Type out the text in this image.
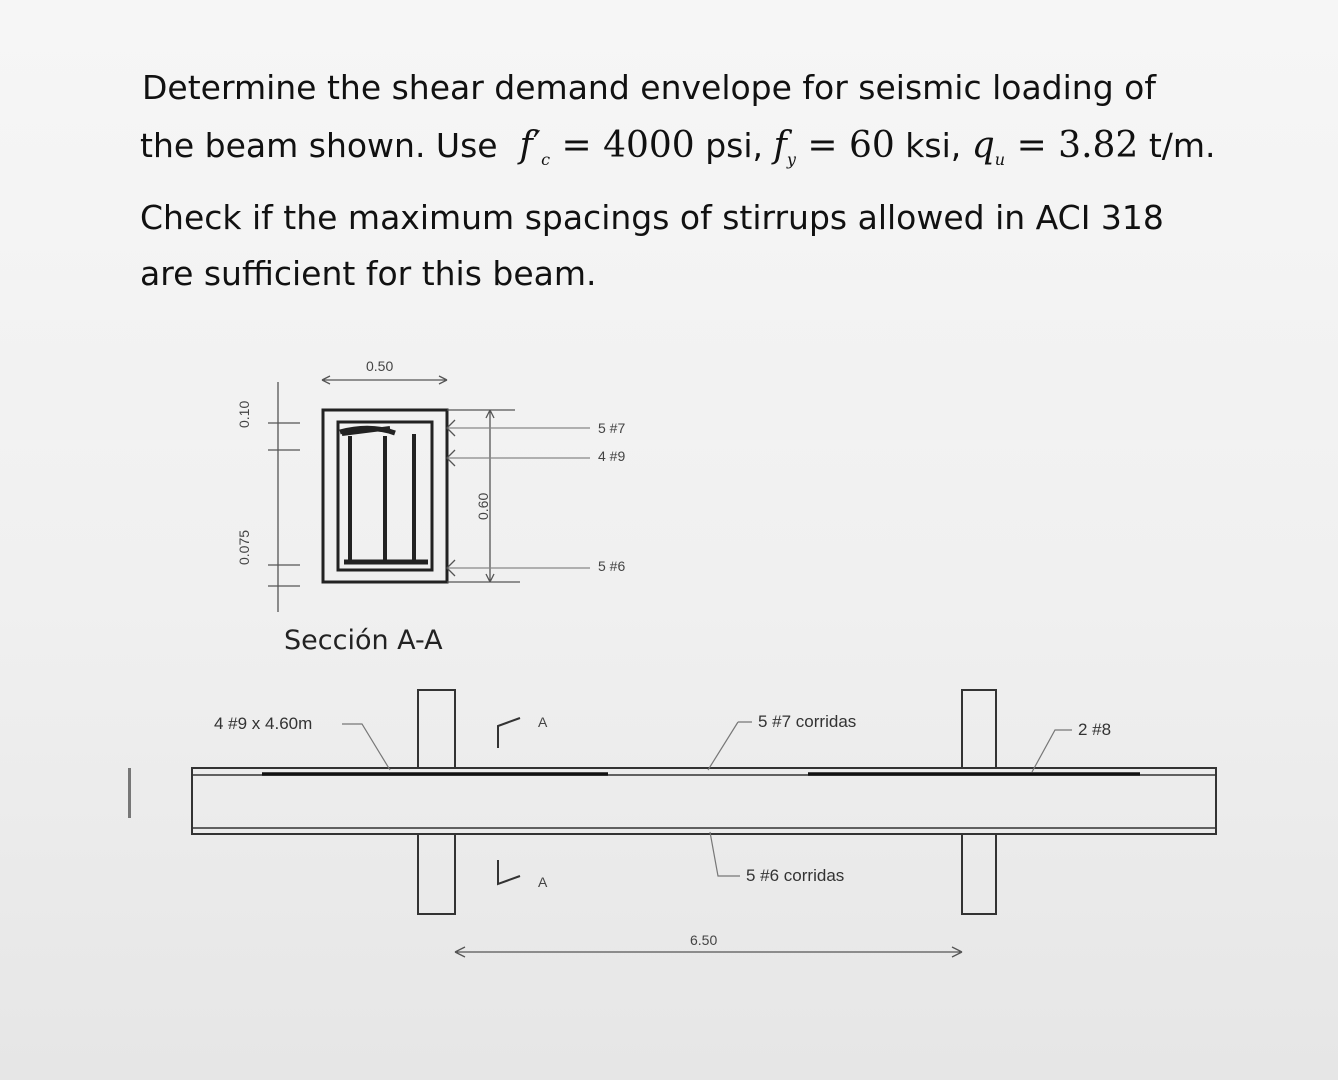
Determine the shear demand envelope for seismic loading of

the beam shown. Use $f'_c = 4000$ psi, $f_y = 60$ ksi, $q_u = 3.82$ t/m.

Check if the maximum spacings of stirrups allowed in ACI 318

are sufficient for this beam.

0.50
0.60
0.10
0.075
5 #7
4 #9
5 #6
Sección A-A
4 #9 x 4.60m	A	5 #7 corridas	2 #8
A	5 #6 corridas
6.50
